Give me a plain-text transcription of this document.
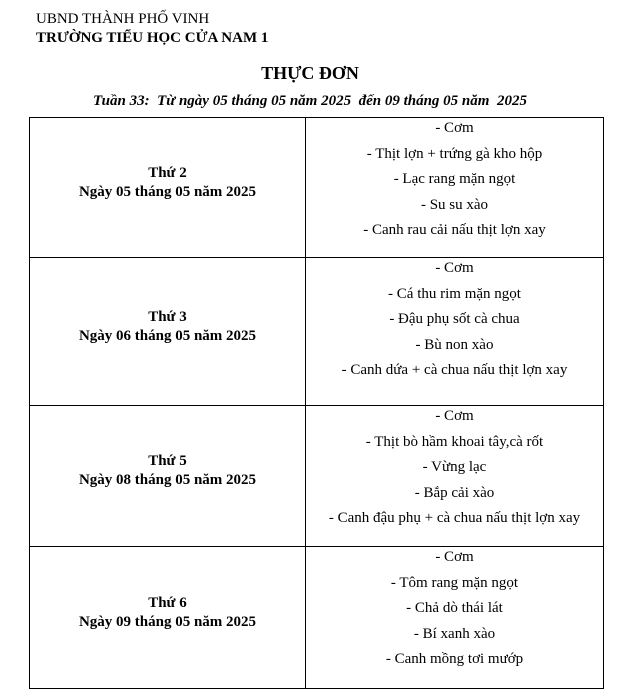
UBND THÀNH PHỐ VINH
TRƯỜNG TIỂU HỌC CỬA NAM 1
THỰC ĐƠN
Tuần 33:  Từ ngày 05 tháng 05 năm 2025  đến 09 tháng 05 năm  2025
Thứ 2
Ngày 05 tháng 05 năm 2025	- Cơm
- Thịt lợn + trứng gà kho hộp
- Lạc rang mặn ngọt
- Su su xào
- Canh rau cải nấu thịt lợn xay

Thứ 3
Ngày 06 tháng 05 năm 2025	- Cơm
- Cá thu rim mặn ngọt
- Đậu phụ sốt cà chua
- Bù non xào
- Canh dứa + cà chua nấu thịt lợn xay

Thứ 5
Ngày 08 tháng 05 năm 2025	- Cơm
- Thịt bò hầm khoai tây,cà rốt
- Vừng lạc
- Bắp cải xào
- Canh đậu phụ + cà chua nấu thịt lợn xay

Thứ 6
Ngày 09 tháng 05 năm 2025	- Cơm
- Tôm rang mặn ngọt
- Chả dò thái lát
- Bí xanh xào
- Canh mồng tơi mướp
